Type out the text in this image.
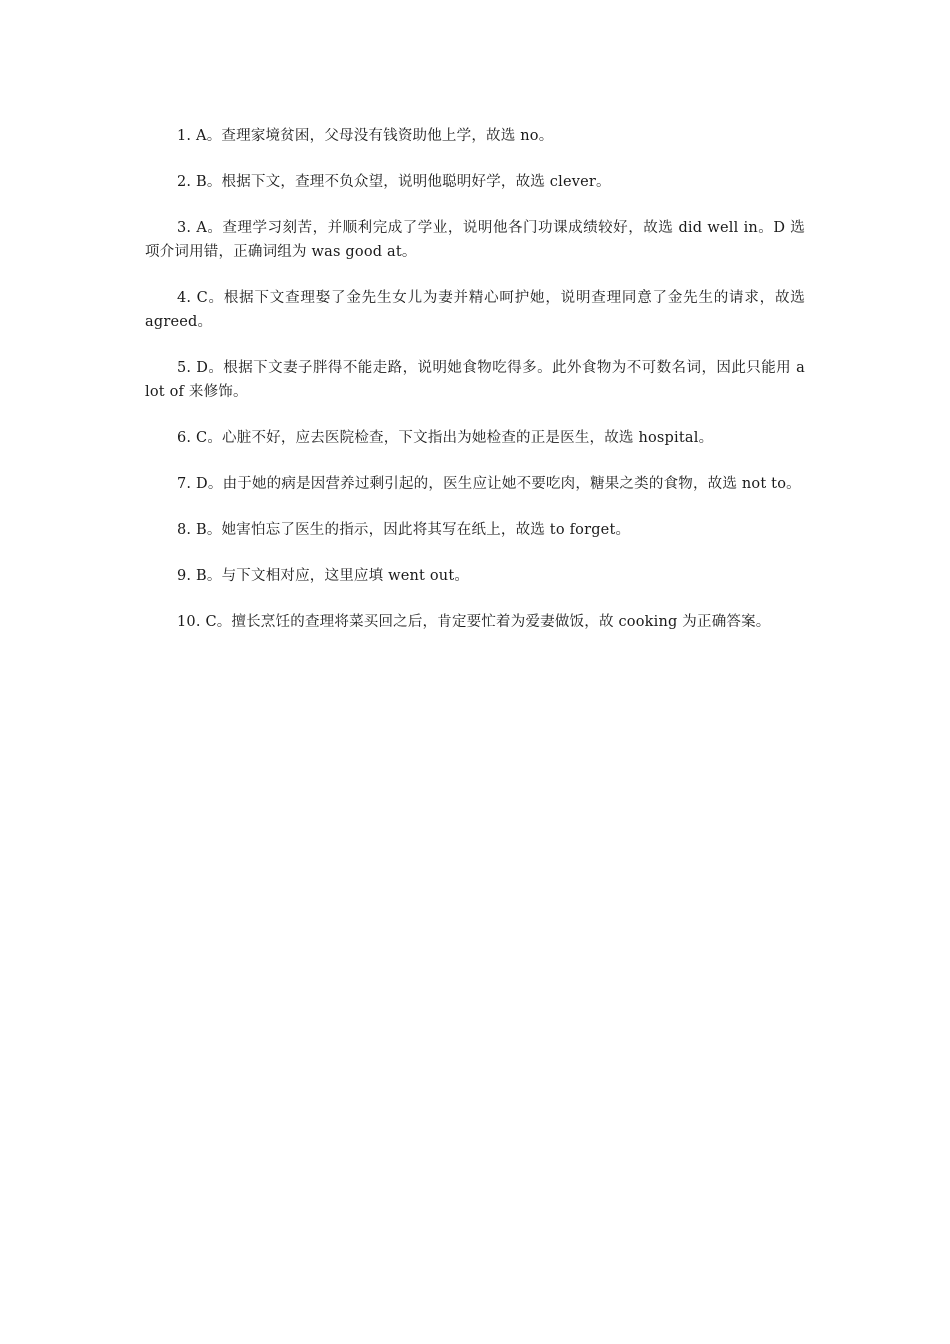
1. A。查理家境贫困，父母没有钱资助他上学，故选 no。
2. B。根据下文，查理不负众望，说明他聪明好学，故选 clever。
3. A。查理学习刻苦，并顺利完成了学业，说明他各门功课成绩较好，故选 did well in。D 选项介词用错，正确词组为 was good at。
4. C。根据下文查理娶了金先生女儿为妻并精心呵护她，说明查理同意了金先生的请求，故选 agreed。
5. D。根据下文妻子胖得不能走路，说明她食物吃得多。此外食物为不可数名词，因此只能用 a lot of 来修饰。
6. C。心脏不好，应去医院检查，下文指出为她检查的正是医生，故选 hospital。
7. D。由于她的病是因营养过剩引起的，医生应让她不要吃肉，糖果之类的食物，故选 not to。
8. B。她害怕忘了医生的指示，因此将其写在纸上，故选 to forget。
9. B。与下文相对应，这里应填 went out。
10. C。擅长烹饪的查理将菜买回之后，肯定要忙着为爱妻做饭，故 cooking 为正确答案。
